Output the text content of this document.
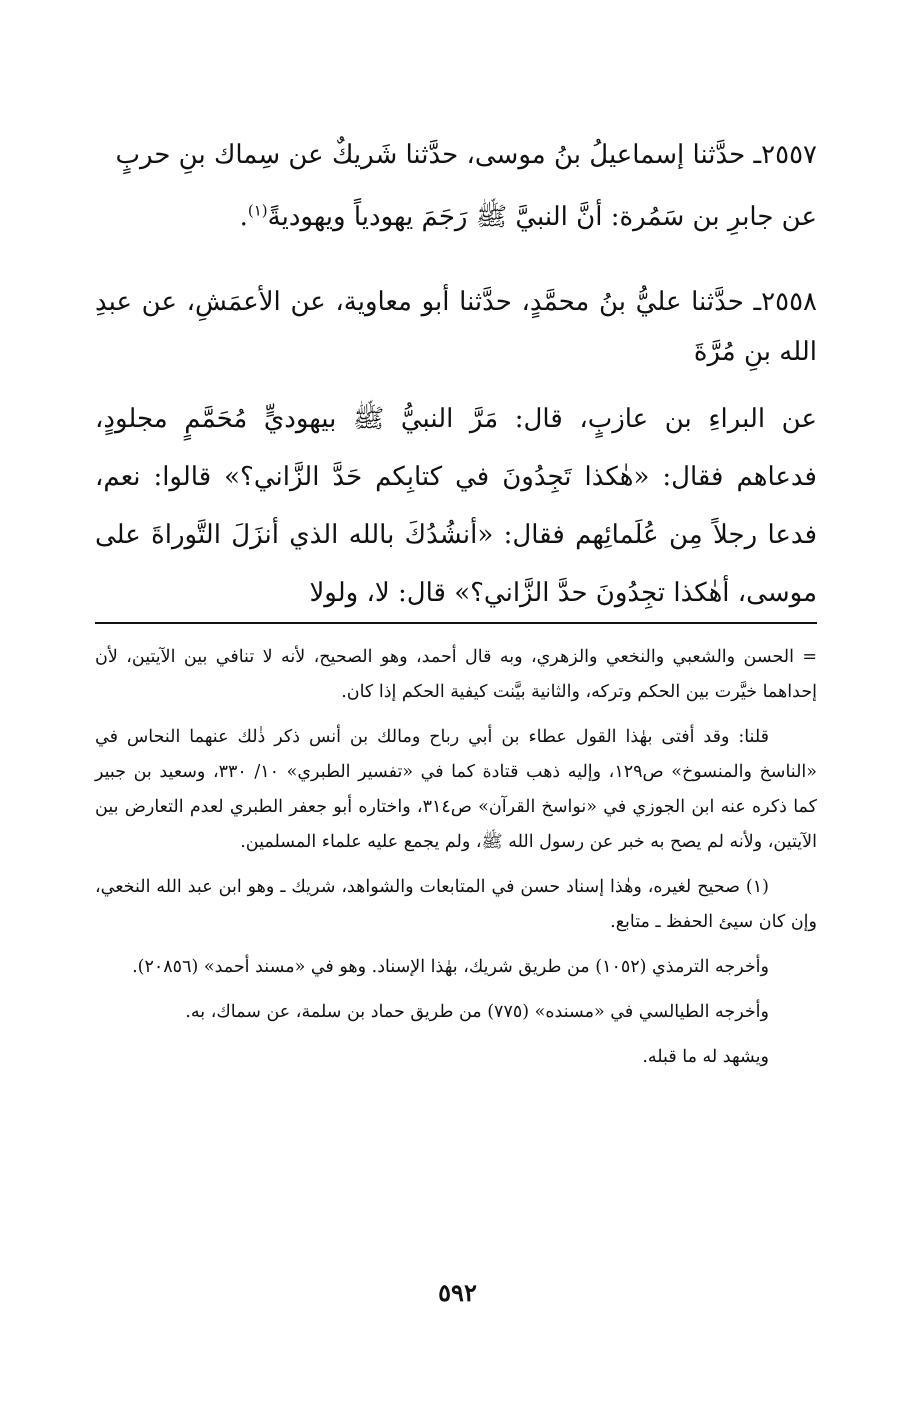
٢٥٥٧ـ حدَّثنا إسماعيلُ بنُ موسى، حدَّثنا شَريكٌ عن سِماك بنِ حربٍ

عن جابرِ بن سَمُرة: أنَّ النبيَّ ﷺ رَجَمَ يهودياً ويهوديةً$^{(١)}$.

٢٥٥٨ـ حدَّثنا عليُّ بنُ محمَّدٍ، حدَّثنا أبو معاوية، عن الأعمَشِ، عن عبدِ الله بنِ مُرَّةَ

عن البراءِ بن عازبٍ، قال: مَرَّ النبيُّ ﷺ بيهوديٍّ مُحَمَّمٍ مجلودٍ، فدعاهم فقال: «هٰكذا تَجِدُونَ في كتابِكم حَدَّ الزَّاني؟» قالوا: نعم، فدعا رجلاً مِن عُلَمائِهم فقال: «أنشُدُكَ بالله الذي أنزَلَ التَّوراةَ على موسى، أهٰكذا تجِدُونَ حدَّ الزَّاني؟» قال: لا، ولولا

= الحسن والشعبي والنخعي والزهري، وبه قال أحمد، وهو الصحيح، لأنه لا تنافي بين الآيتين، لأن إحداهما خيَّرت بين الحكم وتركه، والثانية بيَّنت كيفية الحكم إذا كان.

قلنا: وقد أفتى بهٰذا القول عطاء بن أبي رباح ومالك بن أنس ذكر ذٰلك عنهما النحاس في «الناسخ والمنسوخ» ص١٢٩، وإليه ذهب قتادة كما في «تفسير الطبري» ١٠/ ٣٣٠، وسعيد بن جبير كما ذكره عنه ابن الجوزي في «نواسخ القرآن» ص٣١٤، واختاره أبو جعفر الطبري لعدم التعارض بين الآيتين، ولأنه لم يصح به خبر عن رسول الله ﷺ، ولم يجمع عليه علماء المسلمين.

(١) صحيح لغيره، وهٰذا إسناد حسن في المتابعات والشواهد، شريك ـ وهو ابن عبد الله النخعي، وإن كان سيئ الحفظ ـ متابع.

وأخرجه الترمذي (١٠٥٢) من طريق شريك، بهٰذا الإسناد. وهو في «مسند أحمد» (٢٠٨٥٦).

وأخرجه الطيالسي في «مسنده» (٧٧٥) من طريق حماد بن سلمة، عن سماك، به.

ويشهد له ما قبله.

٥٩٢
